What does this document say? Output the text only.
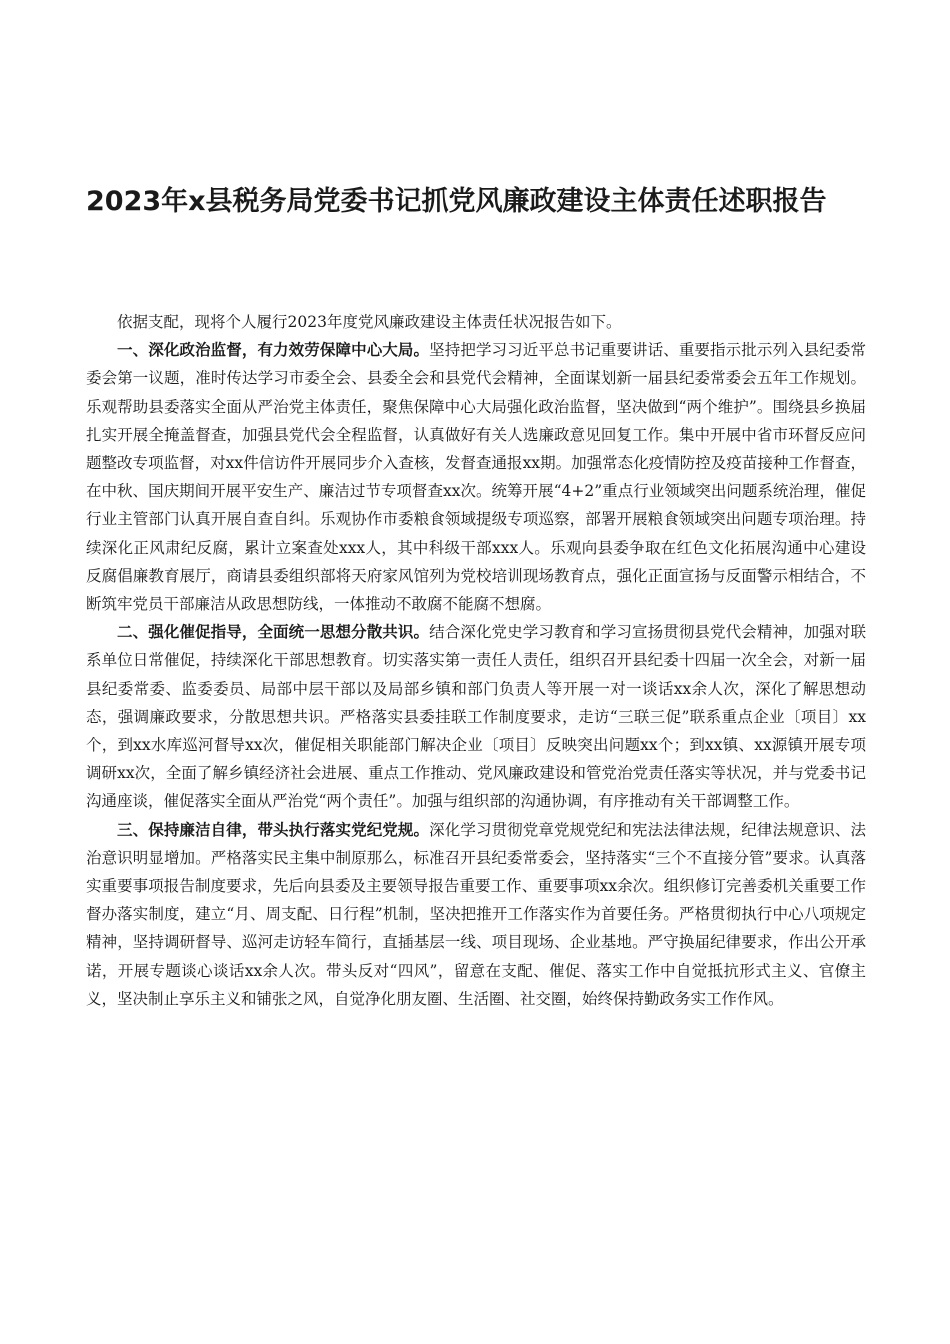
2023年x县税务局党委书记抓党风廉政建设主体责任述职报告

依据支配，现将个人履行2023年度党风廉政建设主体责任状况报告如下。

一、深化政治监督，有力效劳保障中心大局。坚持把学习习近平总书记重要讲话、重要指示批示列入县纪委常委会第一议题，准时传达学习市委全会、县委全会和县党代会精神，全面谋划新一届县纪委常委会五年工作规划。乐观帮助县委落实全面从严治党主体责任，聚焦保障中心大局强化政治监督，坚决做到“两个维护”。围绕县乡换届扎实开展全掩盖督查，加强县党代会全程监督，认真做好有关人选廉政意见回复工作。集中开展中省市环督反应问题整改专项监督，对xx件信访件开展同步介入查核，发督查通报xx期。加强常态化疫情防控及疫苗接种工作督查，在中秋、国庆期间开展平安生产、廉洁过节专项督查xx次。统筹开展“4+2”重点行业领域突出问题系统治理，催促行业主管部门认真开展自查自纠。乐观协作市委粮食领域提级专项巡察，部署开展粮食领域突出问题专项治理。持续深化正风肃纪反腐，累计立案查处xxx人，其中科级干部xxx人。乐观向县委争取在红色文化拓展沟通中心建设反腐倡廉教育展厅，商请县委组织部将天府家风馆列为党校培训现场教育点，强化正面宣扬与反面警示相结合，不断筑牢党员干部廉洁从政思想防线，一体推动不敢腐不能腐不想腐。

二、强化催促指导，全面统一思想分散共识。结合深化党史学习教育和学习宣扬贯彻县党代会精神，加强对联系单位日常催促，持续深化干部思想教育。切实落实第一责任人责任，组织召开县纪委十四届一次全会，对新一届县纪委常委、监委委员、局部中层干部以及局部乡镇和部门负责人等开展一对一谈话xx余人次，深化了解思想动态，强调廉政要求，分散思想共识。严格落实县委挂联工作制度要求，走访“三联三促”联系重点企业〔项目〕xx个，到xx水库巡河督导xx次，催促相关职能部门解决企业〔项目〕反映突出问题xx个；到xx镇、xx源镇开展专项调研xx次，全面了解乡镇经济社会进展、重点工作推动、党风廉政建设和管党治党责任落实等状况，并与党委书记沟通座谈，催促落实全面从严治党“两个责任”。加强与组织部的沟通协调，有序推动有关干部调整工作。

三、保持廉洁自律，带头执行落实党纪党规。深化学习贯彻党章党规党纪和宪法法律法规，纪律法规意识、法治意识明显增加。严格落实民主集中制原那么，标准召开县纪委常委会，坚持落实“三个不直接分管”要求。认真落实重要事项报告制度要求，先后向县委及主要领导报告重要工作、重要事项xx余次。组织修订完善委机关重要工作督办落实制度，建立“月、周支配、日行程”机制，坚决把推开工作落实作为首要任务。严格贯彻执行中心八项规定精神，坚持调研督导、巡河走访轻车简行，直插基层一线、项目现场、企业基地。严守换届纪律要求，作出公开承诺，开展专题谈心谈话xx余人次。带头反对“四风”，留意在支配、催促、落实工作中自觉抵抗形式主义、官僚主义，坚决制止享乐主义和铺张之风，自觉净化朋友圈、生活圈、社交圈，始终保持勤政务实工作作风。
